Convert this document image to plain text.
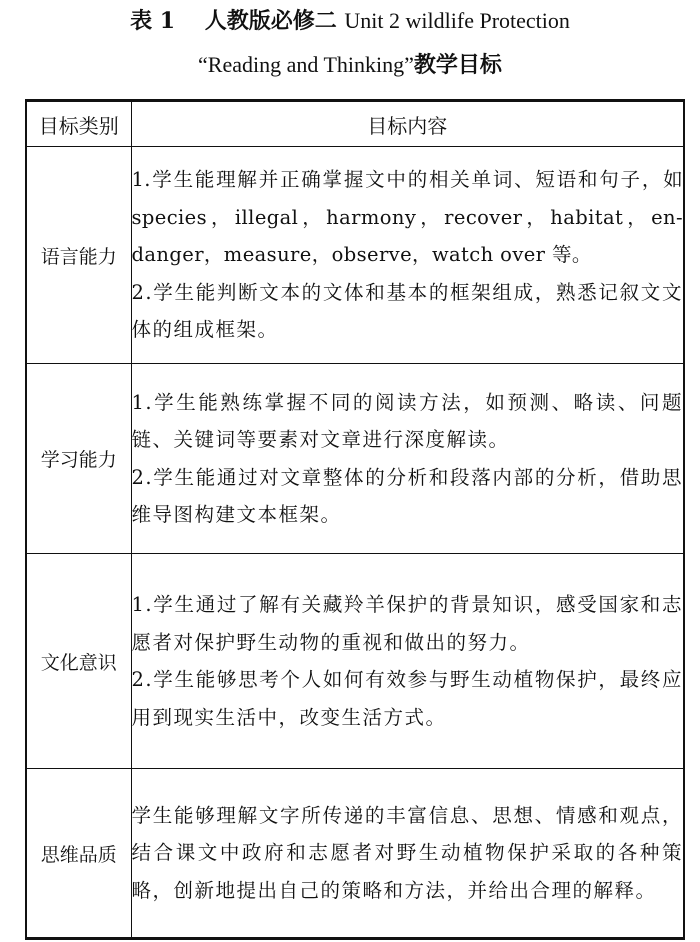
表 1 人教版必修二 Unit 2 wildlife Protection
“Reading and Thinking”教学目标
目标类别	目标内容
语言能力	1.学生能理解并正确掌握文中的相关单词、短语和句子，如 species，illegal，harmony，recover，habitat，en-danger，measure，observe，watch over 等。
2.学生能判断文本的文体和基本的框架组成，熟悉记叙文文体的组成框架。

学习能力	1.学生能熟练掌握不同的阅读方法，如预测、略读、问题链、关键词等要素对文章进行深度解读。
2.学生能通过对文章整体的分析和段落内部的分析，借助思维导图构建文本框架。

文化意识	1.学生通过了解有关藏羚羊保护的背景知识，感受国家和志愿者对保护野生动物的重视和做出的努力。
2.学生能够思考个人如何有效参与野生动植物保护，最终应用到现实生活中，改变生活方式。

思维品质	学生能够理解文字所传递的丰富信息、思想、情感和观点，结合课文中政府和志愿者对野生动植物保护采取的各种策略，创新地提出自己的策略和方法，并给出合理的解释。
